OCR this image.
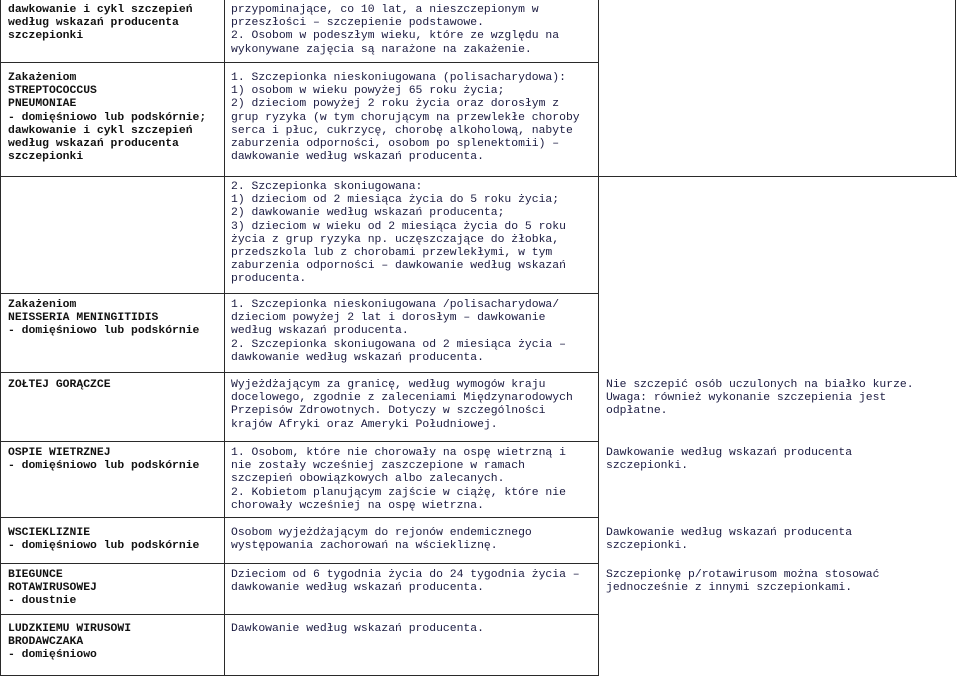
dawkowanie i cykl szczepień
według wskazań producenta
szczepionki
przypominające, co 10 lat, a nieszczepionym w
przeszłości – szczepienie podstawowe.
2. Osobom w podeszłym wieku, które ze względu na
wykonywane zajęcia są narażone na zakażenie.
Zakażeniom
STREPTOCOCCUS
PNEUMONIAE
- domięśniowo lub podskórnie;
dawkowanie i cykl szczepień
według wskazań producenta
szczepionki
1. Szczepionka nieskoniugowana (polisacharydowa):
1) osobom w wieku powyżej 65 roku życia;
2) dzieciom powyżej 2 roku życia oraz dorosłym z
grup ryzyka (w tym chorującym na przewlekłe choroby
serca i płuc, cukrzycę, chorobę alkoholową, nabyte
zaburzenia odporności, osobom po splenektomii) –
dawkowanie według wskazań producenta.
2. Szczepionka skoniugowana:
1) dzieciom od 2 miesiąca życia do 5 roku życia;
2) dawkowanie według wskazań producenta;
3) dzieciom w wieku od 2 miesiąca życia do 5 roku
życia z grup ryzyka np. uczęszczające do żłobka,
przedszkola lub z chorobami przewlekłymi, w tym
zaburzenia odporności – dawkowanie według wskazań
producenta.
Zakażeniom
NEISSERIA MENINGITIDIS
- domięśniowo lub podskórnie
1. Szczepionka nieskoniugowana /polisacharydowa/
dzieciom powyżej 2 lat i dorosłym – dawkowanie
według wskazań producenta.
2. Szczepionka skoniugowana od 2 miesiąca życia –
dawkowanie według wskazań producenta.
ŻÓŁTEJ GORĄCZCE	Wyjeżdżającym za granicę, według wymogów kraju
docelowego, zgodnie z zaleceniami Międzynarodowych
Przepisów Zdrowotnych. Dotyczy w szczególności
krajów Afryki oraz Ameryki Południowej.
Nie szczepić osób uczulonych na białko kurze.
Uwaga: również wykonanie szczepienia jest
odpłatne.
OSPIE WIETRZNEJ
- domięśniowo lub podskórnie
1. Osobom, które nie chorowały na ospę wietrzną i
nie zostały wcześniej zaszczepione w ramach
szczepień obowiązkowych albo zalecanych.
2. Kobietom planującym zajście w ciążę, które nie
chorowały wcześniej na ospę wietrzna.
Dawkowanie według wskazań producenta
szczepionki.
WŚCIEKLIŹNIE
- domięśniowo lub podskórnie
Osobom wyjeżdżającym do rejonów endemicznego
występowania zachorowań na wściekliznę.
Dawkowanie według wskazań producenta
szczepionki.
BIEGUNCE
ROTAWIRUSOWEJ
- doustnie
Dzieciom od 6 tygodnia życia do 24 tygodnia życia –
dawkowanie według wskazań producenta.
Szczepionkę p/rotawirusom można stosować
jednocześnie z innymi szczepionkami.
LUDZKIEMU WIRUSOWI
BRODAWCZAKA
- domięśniowo
Dawkowanie według wskazań producenta.
